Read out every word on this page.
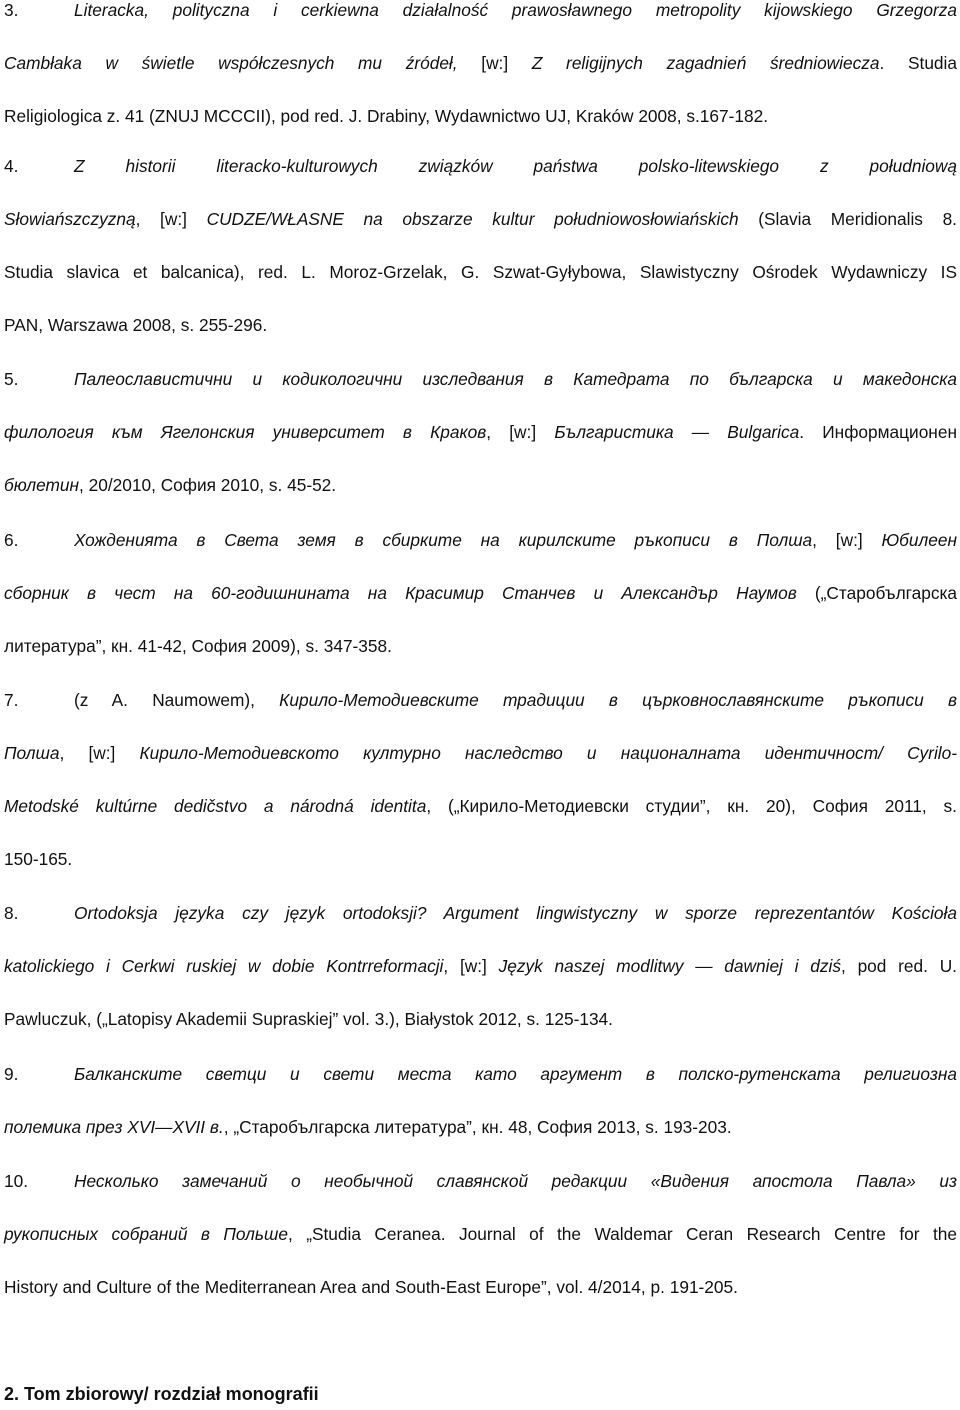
3.	Literacka, polityczna i cerkiewna działalność prawosławnego metropolity kijowskiego Grzegorza
Cambłaka w świetle współczesnych mu źródeł, [w:] Z religijnych zagadnień średniowiecza. Studia
Religiologica z. 41 (ZNUJ MCCCII), pod red. J. Drabiny, Wydawnictwo UJ, Kraków 2008, s.167-182.
4.	Z historii literacko-kulturowych związków państwa polsko-litewskiego z południową
Słowiańszczyzną, [w:] CUDZE/WŁASNE na obszarze kultur południowosłowiańskich (Slavia Meridionalis 8.
Studia slavica et balcanica), red. L. Moroz-Grzelak, G. Szwat-Gyłybowa, Slawistyczny Ośrodek Wydawniczy IS
PAN, Warszawa 2008, s. 255-296.
5.	Палеославистични и кодикологични изследвания в Катедрата по българска и македонска
филология към Ягелонския университет в Краков, [w:] Българистика — Bulgarica. Информационен
бюлетин, 20/2010, София 2010, s. 45-52.
6.	Хожденията в Света земя в сбирките на кирилските ръкописи в Полша, [w:] Юбилеен
сборник в чест на 60-годишнината на Красимир Станчев и Александър Наумов („Старобългарска
литература”, кн. 41-42, София 2009), s. 347-358.
7.	(z A. Naumowem), Кирило-Методиевските традиции в църковнославянските ръкописи в
Полша, [w:] Кирило-Методиевското културно наследство и националната идентичност/ Cyrilo-
Metodské kultúrne dedičstvo a národná identita, („Кирило-Методиевски студии”, кн. 20), София 2011, s.
150-165.
8.	Ortodoksja języka czy język ortodoksji? Argument lingwistyczny w sporze reprezentantów Kościoła
katolickiego i Cerkwi ruskiej w dobie Kontrreformacji, [w:] Język naszej modlitwy — dawniej i dziś, pod red. U.
Pawluczuk, („Latopisy Akademii Supraskiej” vol. 3.), Białystok 2012, s. 125-134.
9.	Балканските светци и свети места като аргумент в полско-рутенската религиозна
полемика през XVI—XVII в., „Старобългарска литература”, кн. 48, София 2013, s. 193-203.
10.	Несколько замечаний о необычной славянской редакции «Видения апостола Павла» из
рукописных собраний в Польше, „Studia Ceranea. Journal of the Waldemar Ceran Research Centre for the
History and Culture of the Mediterranean Area and South-East Europe”, vol. 4/2014, p. 191-205.
2. Tom zbiorowy/ rozdział monografii
